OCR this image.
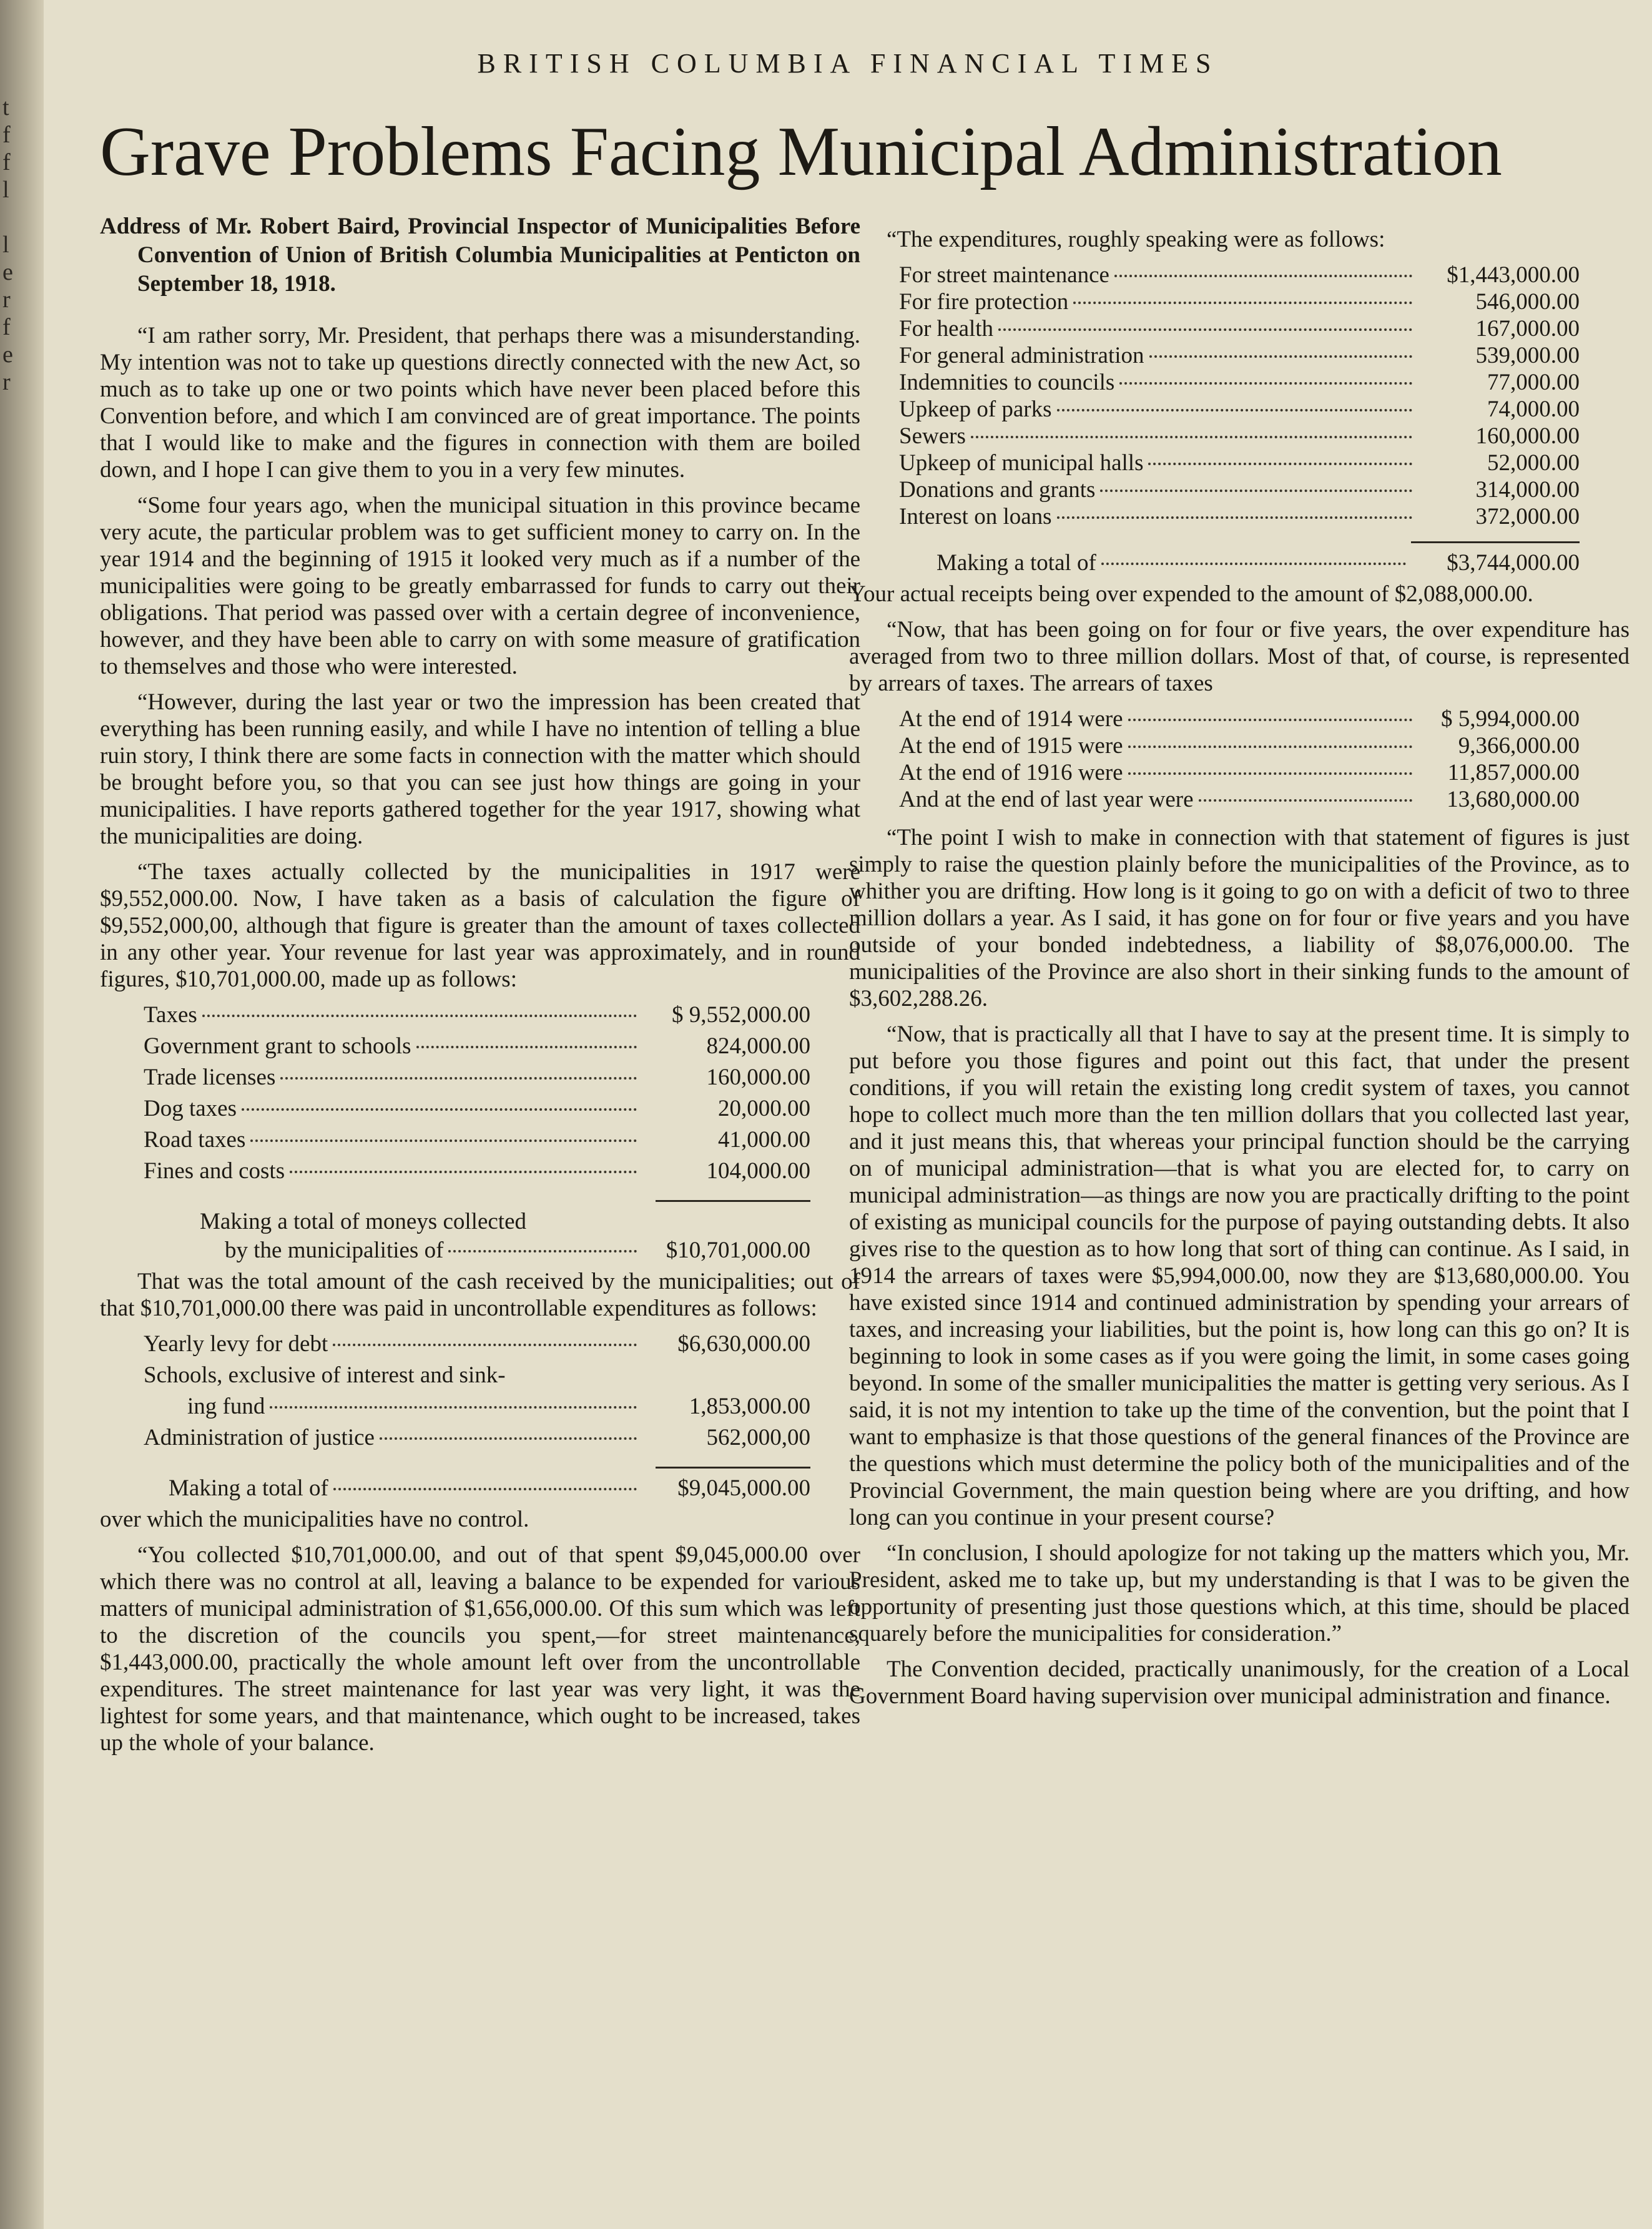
t
f
f
l
l
e
r
f
e
r
BRITISH COLUMBIA FINANCIAL TIMES
Grave Problems Facing Municipal Administration
Address of Mr. Robert Baird, Provincial Inspector of Municipalities Before Convention of Union of British Columbia Municipalities at Penticton on September 18, 1918.

“I am rather sorry, Mr. President, that perhaps there was a misunderstanding. My intention was not to take up questions directly connected with the new Act, so much as to take up one or two points which have never been placed before this Convention before, and which I am convinced are of great importance. The points that I would like to make and the figures in connection with them are boiled down, and I hope I can give them to you in a very few minutes.

“Some four years ago, when the municipal situation in this province became very acute, the particular problem was to get sufficient money to carry on. In the year 1914 and the beginning of 1915 it looked very much as if a number of the municipalities were going to be greatly embarrassed for funds to carry out their obligations. That period was passed over with a certain degree of inconvenience, however, and they have been able to carry on with some measure of gratification to themselves and those who were interested.

“However, during the last year or two the impression has been created that everything has been running easily, and while I have no intention of telling a blue ruin story, I think there are some facts in connection with the matter which should be brought before you, so that you can see just how things are going in your municipalities. I have reports gathered together for the year 1917, showing what the municipalities are doing.

“The taxes actually collected by the municipalities in 1917 were $9,552,000.00. Now, I have taken as a basis of calculation the figure of $9,552,000,00, although that figure is greater than the amount of taxes collected in any other year. Your revenue for last year was approximately, and in round figures, $10,701,000.00, made up as follows:

Taxes	$ 9,552,000.00
Government grant to schools	824,000.00
Trade licenses	160,000.00
Dog taxes	20,000.00
Road taxes	41,000.00
Fines and costs	104,000.00
Making a total of moneys collected
by the municipalities of	$10,701,000.00

That was the total amount of the cash received by the municipalities; out of that $10,701,000.00 there was paid in uncontrollable expenditures as follows:

Yearly levy for debt	$6,630,000.00
Schools, exclusive of interest and sink-
ing fund	1,853,000.00
Administration of justice	562,000,00
Making a total of	$9,045,000.00

over which the municipalities have no control.

“You collected $10,701,000.00, and out of that spent $9,045,000.00 over which there was no control at all, leaving a balance to be expended for various matters of municipal administration of $1,656,000.00. Of this sum which was left to the discretion of the councils you spent,—for street maintenance, $1,443,000.00, practically the whole amount left over from the uncontrollable expenditures. The street maintenance for last year was very light, it was the lightest for some years, and that maintenance, which ought to be increased, takes up the whole of your balance.

“The expenditures, roughly speaking were as follows:

For street maintenance	$1,443,000.00
For fire protection	546,000.00
For health	167,000.00
For general administration	539,000.00
Indemnities to councils	77,000.00
Upkeep of parks	74,000.00
Sewers	160,000.00
Upkeep of municipal halls	52,000.00
Donations and grants	314,000.00
Interest on loans	372,000.00
Making a total of	$3,744,000.00

Your actual receipts being over expended to the amount of $2,088,000.00.

“Now, that has been going on for four or five years, the over expenditure has averaged from two to three million dollars. Most of that, of course, is represented by arrears of taxes. The arrears of taxes

At the end of 1914 were	$ 5,994,000.00
At the end of 1915 were	9,366,000.00
At the end of 1916 were	11,857,000.00
And at the end of last year were	13,680,000.00

“The point I wish to make in connection with that statement of figures is just simply to raise the question plainly before the municipalities of the Province, as to whither you are drifting. How long is it going to go on with a deficit of two to three million dollars a year. As I said, it has gone on for four or five years and you have outside of your bonded indebtedness, a liability of $8,076,000.00. The municipalities of the Province are also short in their sinking funds to the amount of $3,602,288.26.

“Now, that is practically all that I have to say at the present time. It is simply to put before you those figures and point out this fact, that under the present conditions, if you will retain the existing long credit system of taxes, you cannot hope to collect much more than the ten million dollars that you collected last year, and it just means this, that whereas your principal function should be the carrying on of municipal administration—that is what you are elected for, to carry on municipal administration—as things are now you are practically drifting to the point of existing as municipal councils for the purpose of paying outstanding debts. It also gives rise to the question as to how long that sort of thing can continue. As I said, in 1914 the arrears of taxes were $5,994,000.00, now they are $13,680,000.00. You have existed since 1914 and continued administration by spending your arrears of taxes, and increasing your liabilities, but the point is, how long can this go on? It is beginning to look in some cases as if you were going the limit, in some cases going beyond. In some of the smaller municipalities the matter is getting very serious. As I said, it is not my intention to take up the time of the convention, but the point that I want to emphasize is that those questions of the general finances of the Province are the questions which must determine the policy both of the municipalities and of the Provincial Government, the main question being where are you drifting, and how long can you continue in your present course?

“In conclusion, I should apologize for not taking up the matters which you, Mr. President, asked me to take up, but my understanding is that I was to be given the opportunity of presenting just those questions which, at this time, should be placed squarely before the municipalities for consideration.”

The Convention decided, practically unanimously, for the creation of a Local Government Board having supervision over municipal administration and finance.
